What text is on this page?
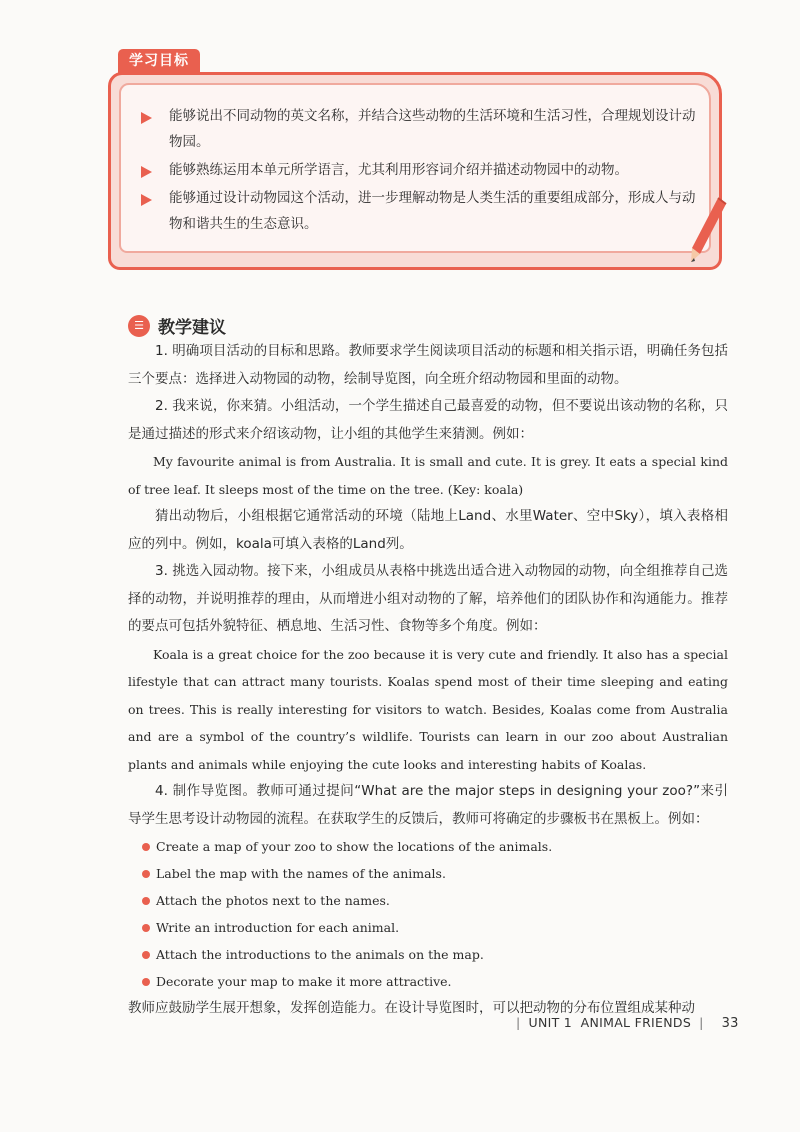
学习目标
能够说出不同动物的英文名称，并结合这些动物的生活环境和生活习性，合理规划设计动物园。
能够熟练运用本单元所学语言，尤其利用形容词介绍并描述动物园中的动物。
能够通过设计动物园这个活动，进一步理解动物是人类生活的重要组成部分，形成人与动物和谐共生的生态意识。
☰ 教学建议

1. 明确项目活动的目标和思路。教师要求学生阅读项目活动的标题和相关指示语，明确任务包括三个要点：选择进入动物园的动物，绘制导览图，向全班介绍动物园和里面的动物。

2. 我来说，你来猜。小组活动，一个学生描述自己最喜爱的动物，但不要说出该动物的名称，只是通过描述的形式来介绍该动物，让小组的其他学生来猜测。例如：

My favourite animal is from Australia. It is small and cute. It is grey. It eats a special kind of tree leaf. It sleeps most of the time on the tree. (Key: koala)

猜出动物后，小组根据它通常活动的环境（陆地上Land、水里Water、空中Sky），填入表格相应的列中。例如，koala可填入表格的Land列。

3. 挑选入园动物。接下来，小组成员从表格中挑选出适合进入动物园的动物，向全组推荐自己选择的动物，并说明推荐的理由，从而增进小组对动物的了解，培养他们的团队协作和沟通能力。推荐的要点可包括外貌特征、栖息地、生活习性、食物等多个角度。例如：

Koala is a great choice for the zoo because it is very cute and friendly. It also has a special lifestyle that can attract many tourists. Koalas spend most of their time sleeping and eating on trees. This is really interesting for visitors to watch. Besides, Koalas come from Australia and are a symbol of the country’s wildlife. Tourists can learn in our zoo about Australian plants and animals while enjoying the cute looks and interesting habits of Koalas.

4. 制作导览图。教师可通过提问“What are the major steps in designing your zoo?”来引导学生思考设计动物园的流程。在获取学生的反馈后，教师可将确定的步骤板书在黑板上。例如：

Create a map of your zoo to show the locations of the animals.
Label the map with the names of the animals.
Attach the photos next to the names.
Write an introduction for each animal.
Attach the introductions to the animals on the map.
Decorate your map to make it more attractive.

教师应鼓励学生展开想象，发挥创造能力。在设计导览图时，可以把动物的分布位置组成某种动

| UNIT 1 ANIMAL FRIENDS | 33
